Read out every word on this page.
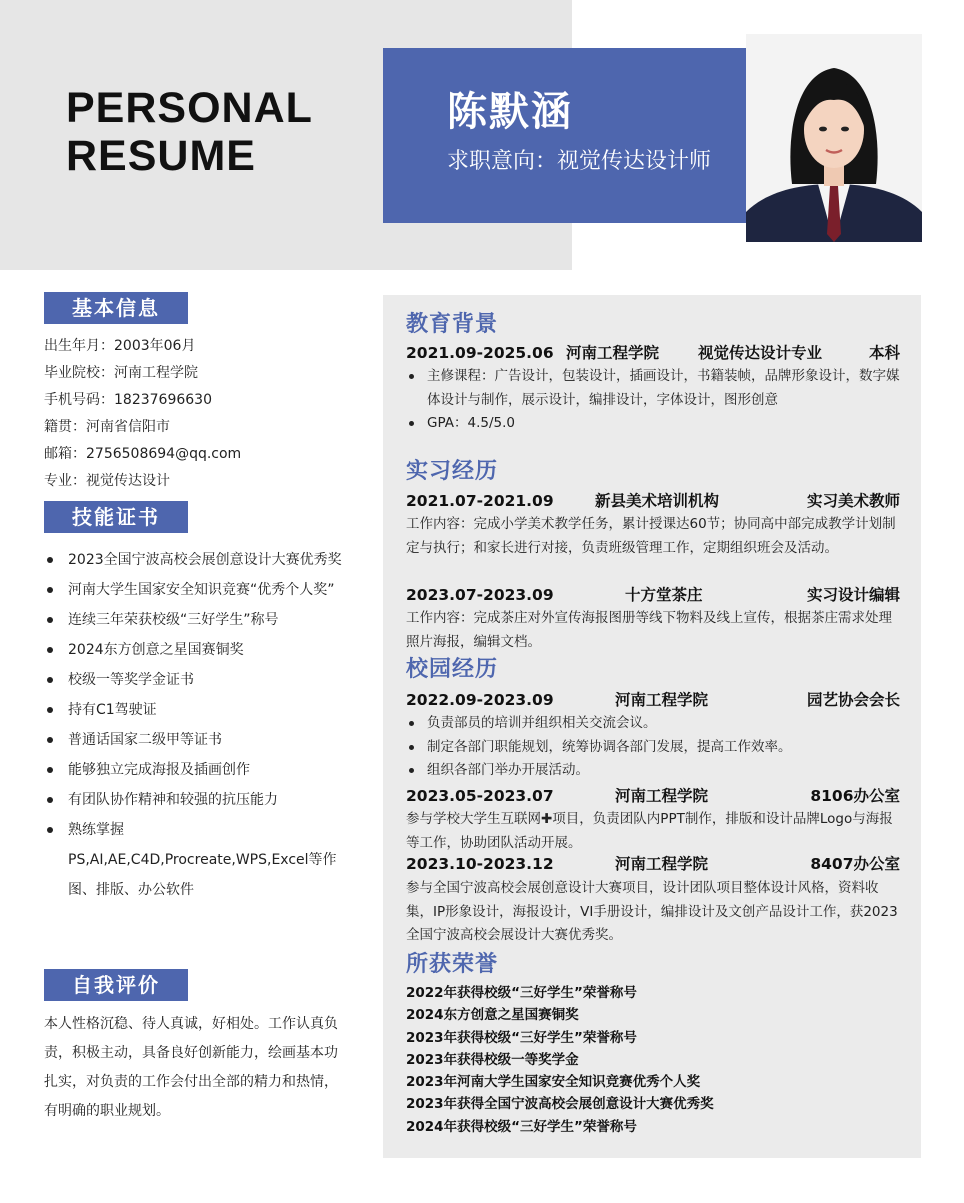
PERSONAL
RESUME
陈默涵
求职意向：视觉传达设计师
基本信息
出生年月：2003年06月
毕业院校：河南工程学院
手机号码：18237696630
籍贯：河南省信阳市
邮箱：2756508694@qq.com
专业：视觉传达设计
技能证书
2023全国宁波高校会展创意设计大赛优秀奖
河南大学生国家安全知识竞赛“优秀个人奖”
连续三年荣获校级“三好学生”称号
2024东方创意之星国赛铜奖
校级一等奖学金证书
持有C1驾驶证
普通话国家二级甲等证书
能够独立完成海报及插画创作
有团队协作精神和较强的抗压能力
熟练掌握PS,AI,AE,C4D,Procreate,WPS,Excel等作图、排版、办公软件
自我评价
本人性格沉稳、待人真诚，好相处。工作认真负责，积极主动，具备良好创新能力，绘画基本功扎实，对负责的工作会付出全部的精力和热情，有明确的职业规划。
教育背景
2021.09-2025.06 河南工程学院	视觉传达设计专业	本科
主修课程：广告设计，包装设计，插画设计，书籍装帧，品牌形象设计，数字媒体设计与制作，展示设计，编排设计，字体设计，图形创意
GPA：4.5/5.0
实习经历
2021.07-2021.09	新县美术培训机构	实习美术教师
工作内容：完成小学美术教学任务，累计授课达60节；协同高中部完成教学计划制定与执行；和家长进行对接，负责班级管理工作，定期组织班会及活动。
2023.07-2023.09	十方堂茶庄	实习设计编辑
工作内容：完成茶庄对外宣传海报图册等线下物料及线上宣传，根据茶庄需求处理照片海报，编辑文档。
校园经历
2022.09-2023.09	河南工程学院	园艺协会会长
负责部员的培训并组织相关交流会议。
制定各部门职能规划，统筹协调各部门发展，提高工作效率。
组织各部门举办开展活动。
2023.05-2023.07	河南工程学院	8106办公室
参与学校大学生互联网✚项目，负责团队内PPT制作，排版和设计品牌Logo与海报等工作，协助团队活动开展。
2023.10-2023.12	河南工程学院	8407办公室
参与全国宁波高校会展创意设计大赛项目，设计团队项目整体设计风格，资料收集，IP形象设计，海报设计，VI手册设计，编排设计及文创产品设计工作，获2023全国宁波高校会展设计大赛优秀奖。
所获荣誉
2022年获得校级“三好学生”荣誉称号
2024东方创意之星国赛铜奖
2023年获得校级“三好学生”荣誉称号
2023年获得校级一等奖学金
2023年河南大学生国家安全知识竞赛优秀个人奖
2023年获得全国宁波高校会展创意设计大赛优秀奖
2024年获得校级“三好学生”荣誉称号
